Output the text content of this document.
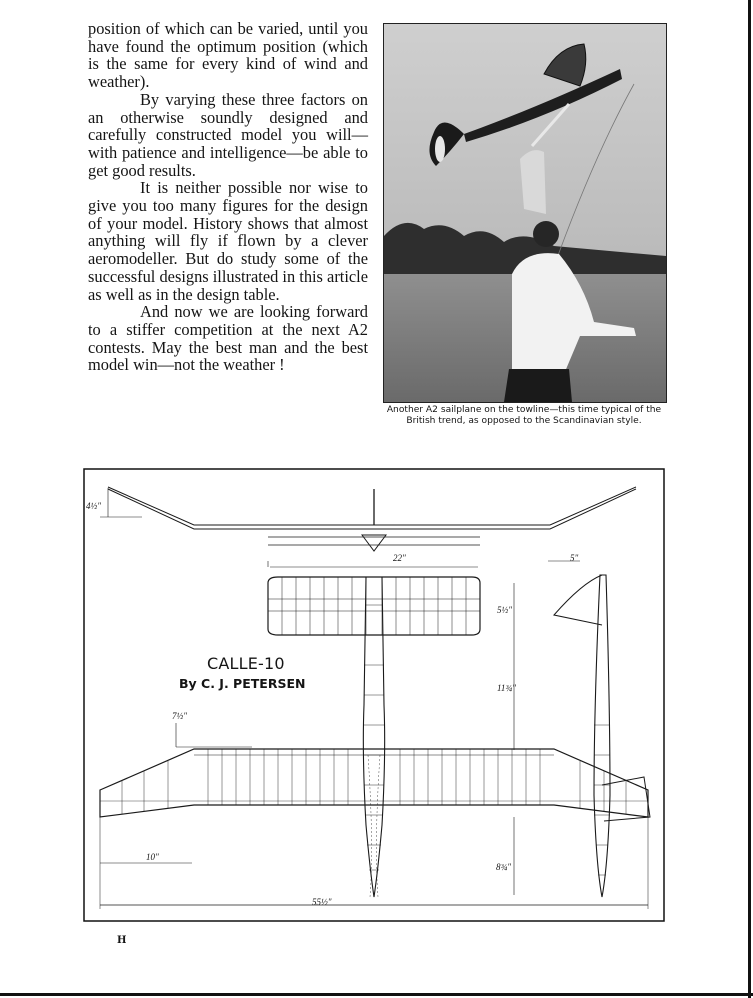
position of which can be varied, until you have found the optimum position (which is the same for every kind of wind and weather).

By varying these three factors on an otherwise soundly designed and carefully constructed model you will—with patience and intelligence—be able to get good results.

It is neither possible nor wise to give you too many figures for the design of your model. History shows that almost anything will fly if flown by a clever aeromodeller. But do study some of the successful designs illustrated in this article as well as in the design table.

And now we are looking forward to a stiffer competition at the next A2 contests. May the best man and the best model win—not the weather !

Another A2 sailplane on the towline—this time typical of the British trend, as opposed to the Scandinavian style.
CALLE-10
By C. J. PETERSEN
4½"
22"	5"
5½"
11¾"
7½"
10"
8¾"
55½"
H
